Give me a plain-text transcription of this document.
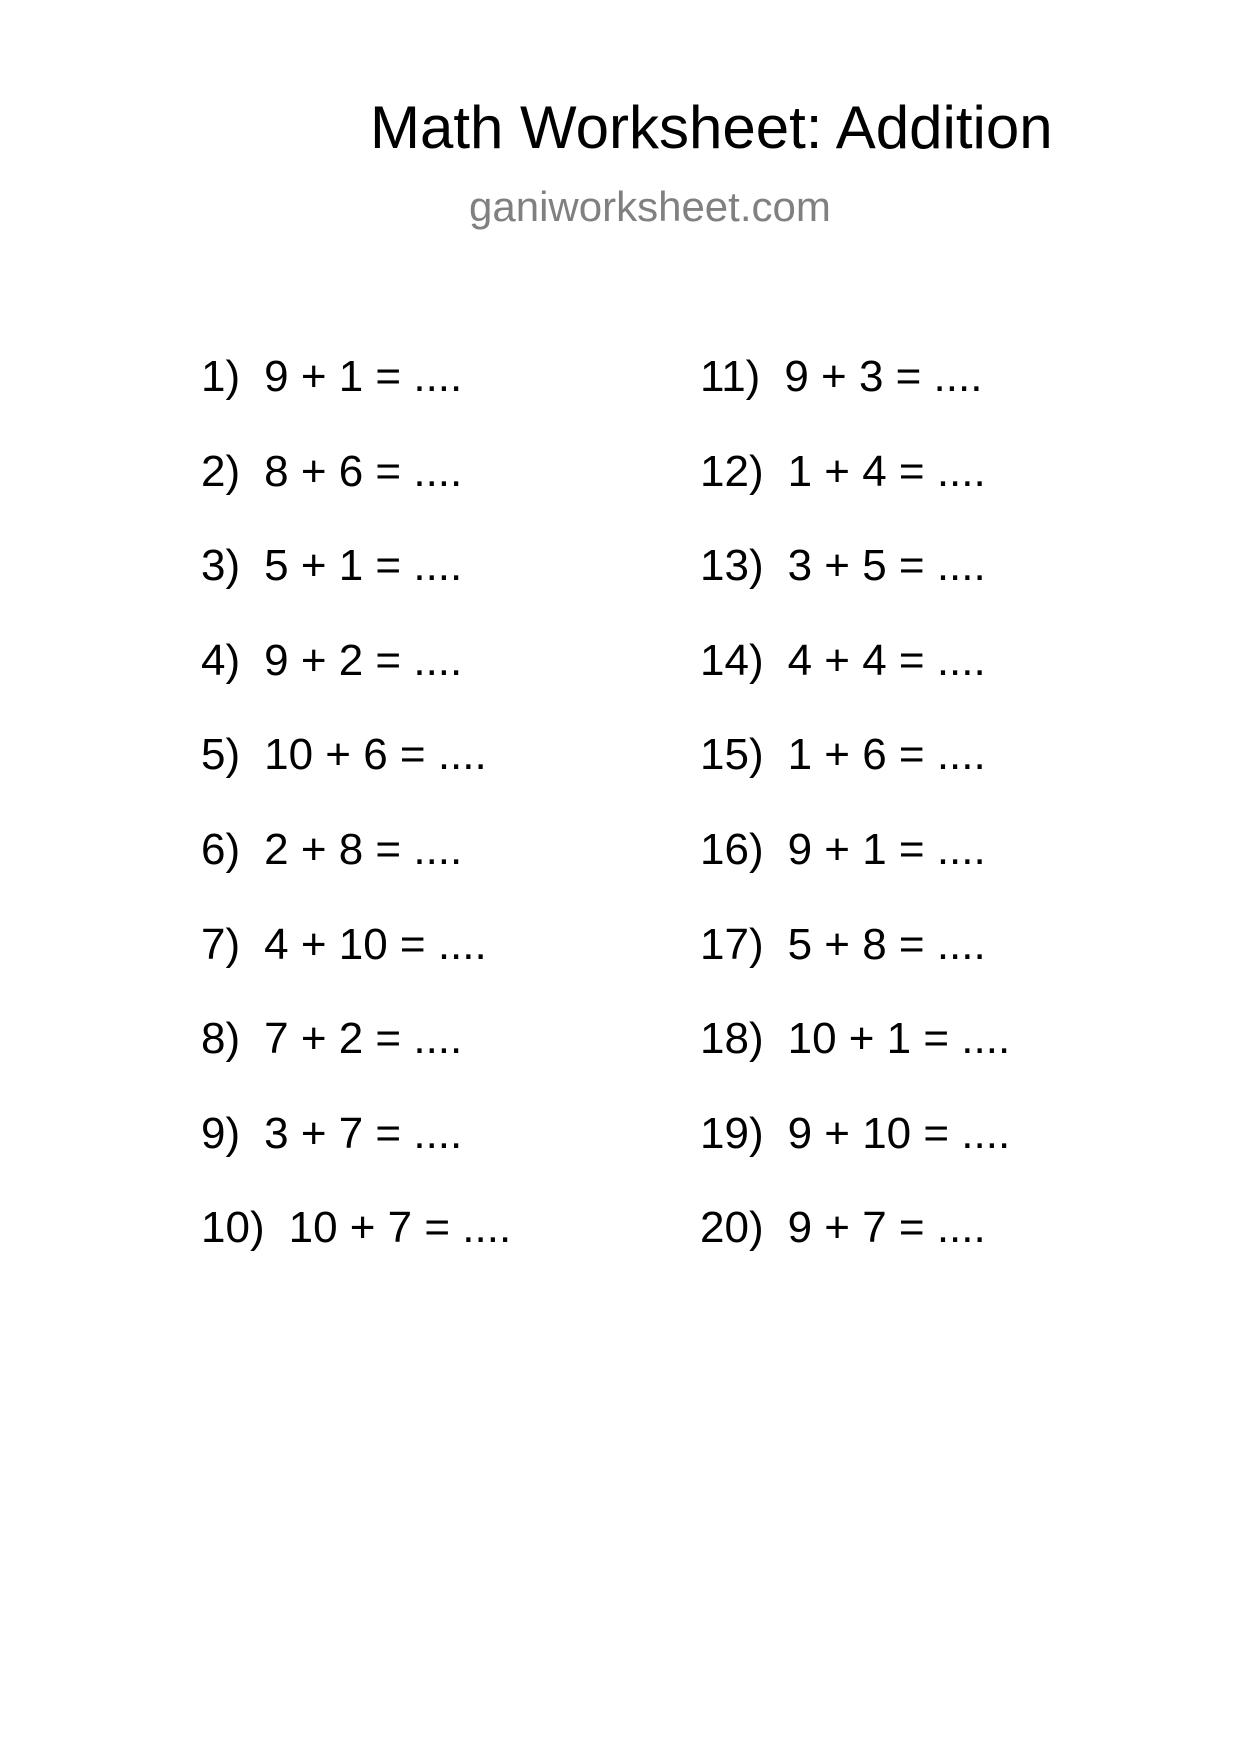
Math Worksheet: Addition
ganiworksheet.com
1) 9 + 1 = ....
2) 8 + 6 = ....
3) 5 + 1 = ....
4) 9 + 2 = ....
5) 10 + 6 = ....
6) 2 + 8 = ....
7) 4 + 10 = ....
8) 7 + 2 = ....
9) 3 + 7 = ....
10) 10 + 7 = ....
11) 9 + 3 = ....
12) 1 + 4 = ....
13) 3 + 5 = ....
14) 4 + 4 = ....
15) 1 + 6 = ....
16) 9 + 1 = ....
17) 5 + 8 = ....
18) 10 + 1 = ....
19) 9 + 10 = ....
20) 9 + 7 = ....
